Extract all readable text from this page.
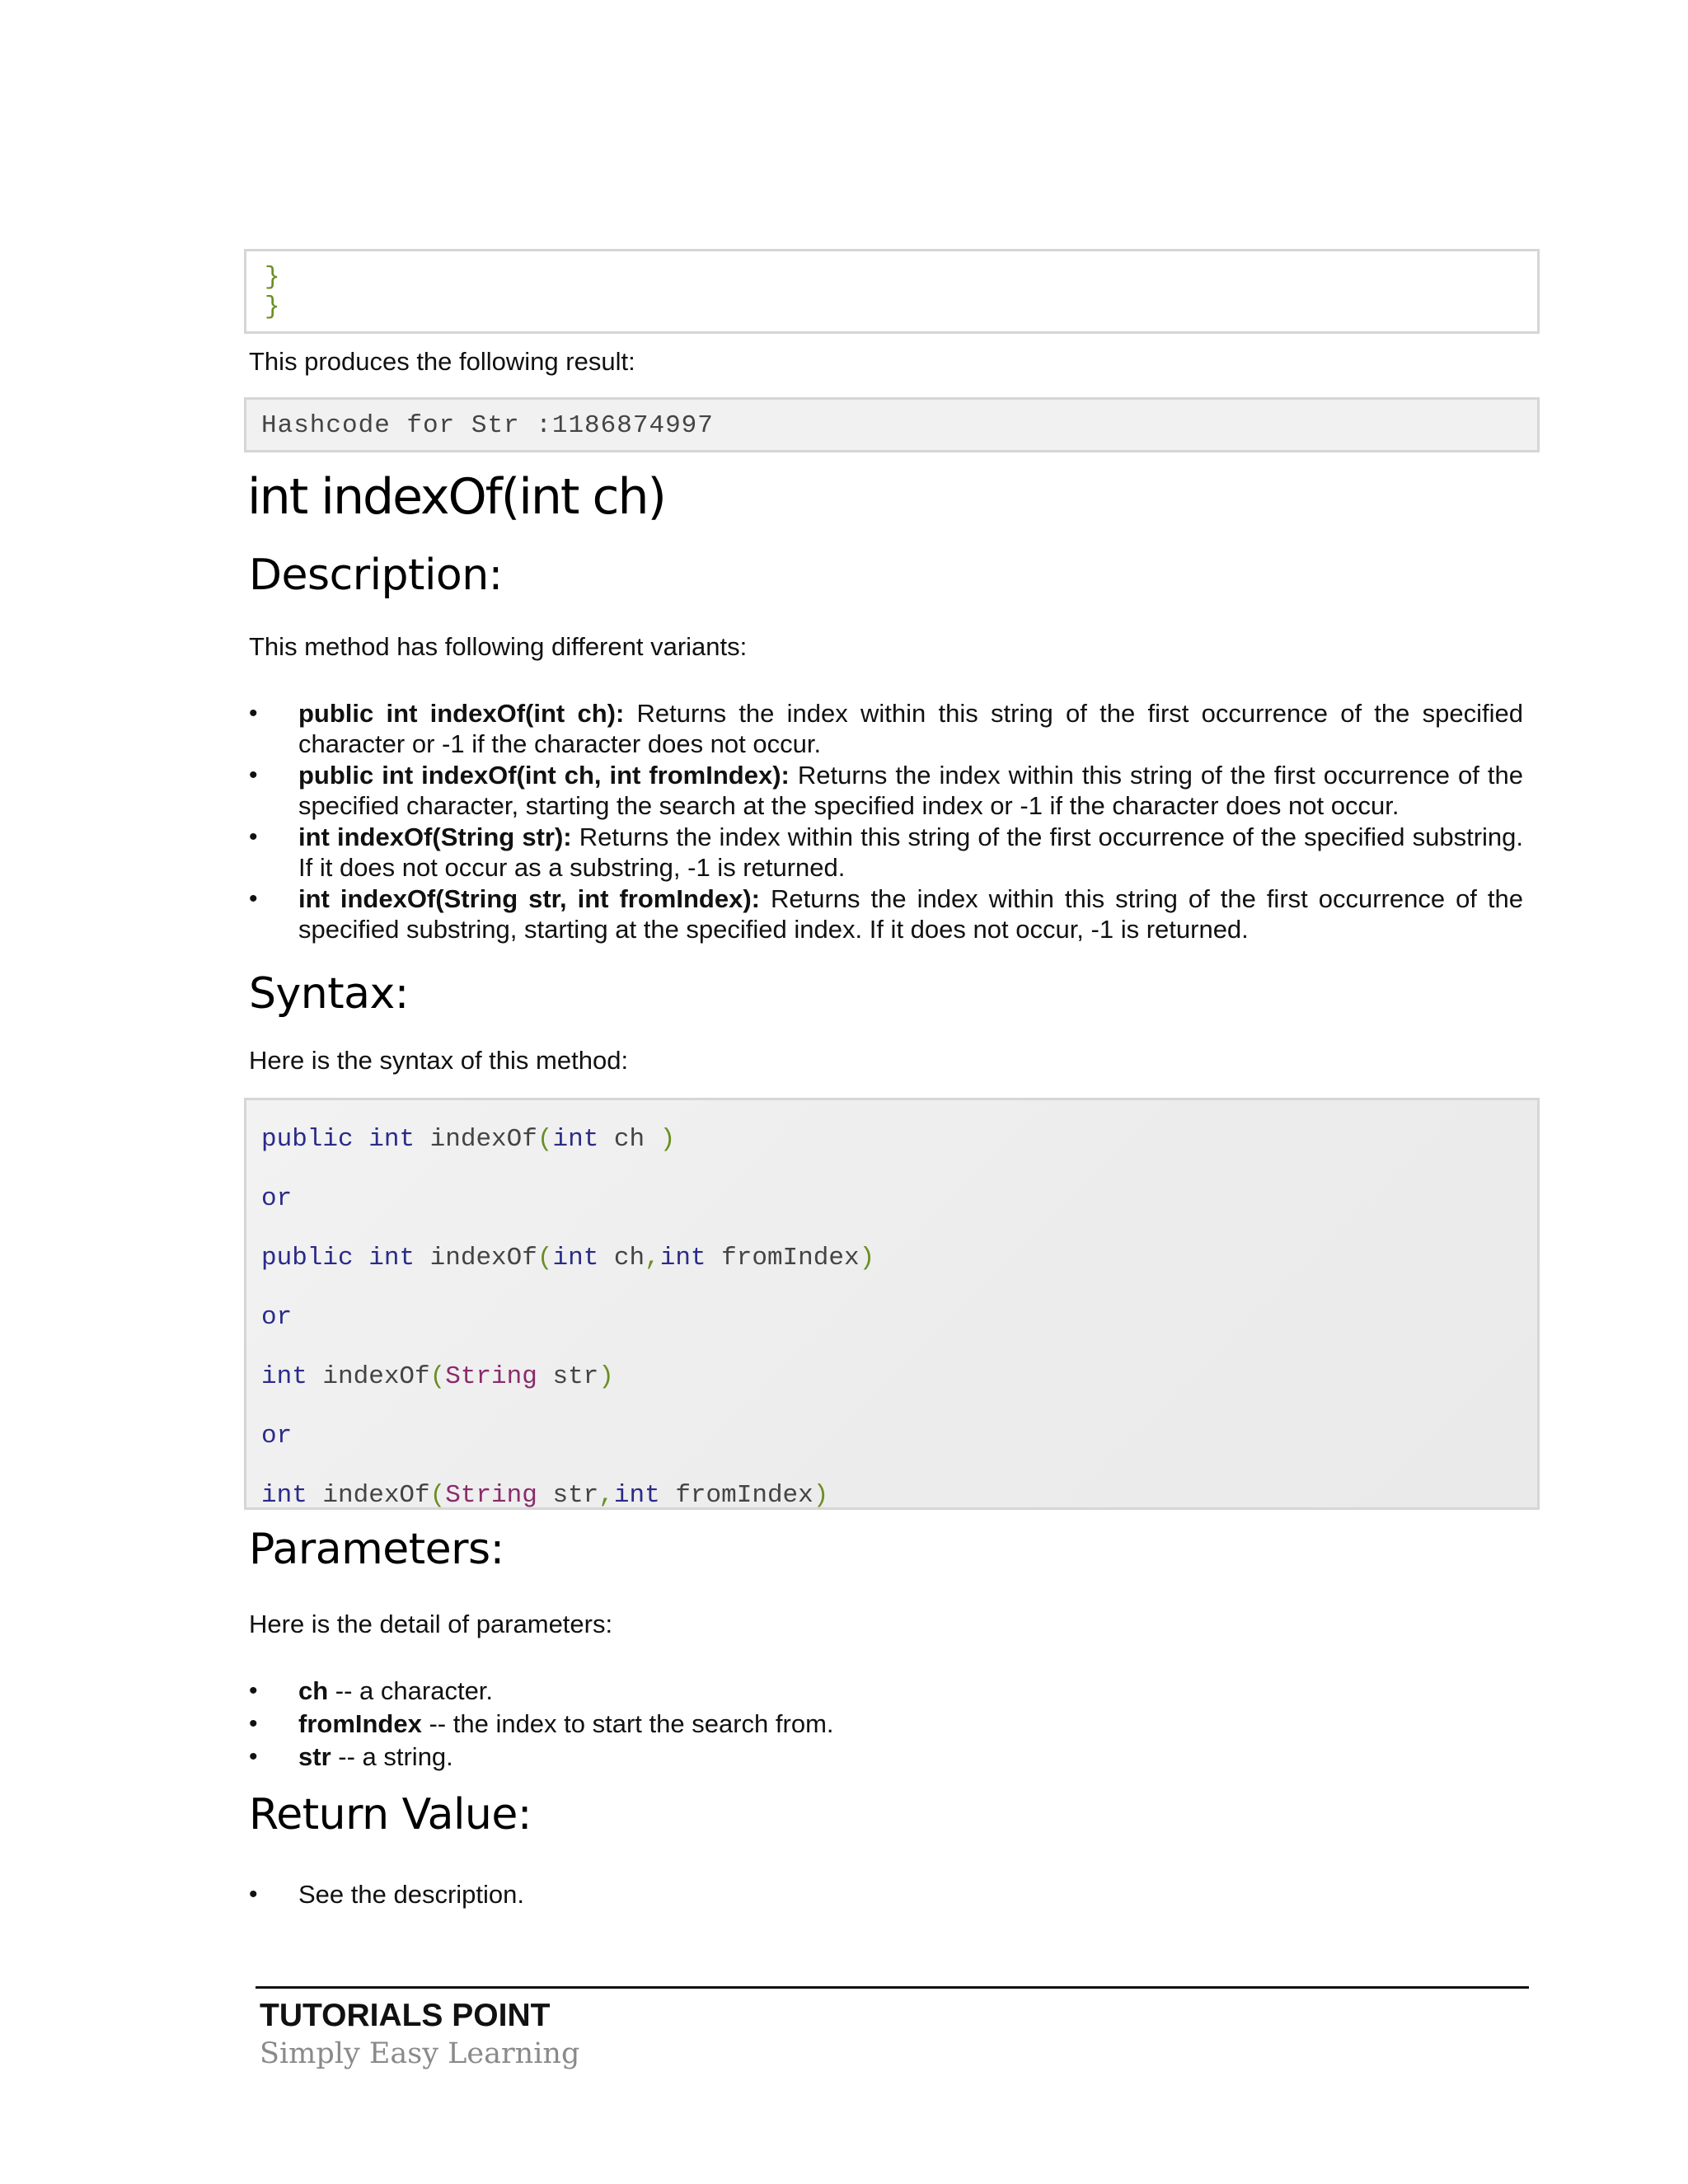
}
}
This produces the following result:
Hashcode for Str :1186874997
int indexOf(int ch)
Description:
This method has following different variants:
• public int indexOf(int ch): Returns the index within this string of the first occurrence of the specified character or -1 if the character does not occur.
• public int indexOf(int ch, int fromIndex): Returns the index within this string of the first occurrence of the specified character, starting the search at the specified index or -1 if the character does not occur.
• int indexOf(String str): Returns the index within this string of the first occurrence of the specified substring. If it does not occur as a substring, -1 is returned.
• int indexOf(String str, int fromIndex): Returns the index within this string of the first occurrence of the specified substring, starting at the specified index. If it does not occur, -1 is returned.
Syntax:
Here is the syntax of this method:
public int indexOf(int ch )
or
public int indexOf(int ch,int fromIndex)
or
int indexOf(String str)
or
int indexOf(String str,int fromIndex)
Parameters:
Here is the detail of parameters:
• ch -- a character.
• fromIndex -- the index to start the search from.
• str -- a string.
Return Value:
• See the description.
TUTORIALS POINT
Simply Easy Learning
